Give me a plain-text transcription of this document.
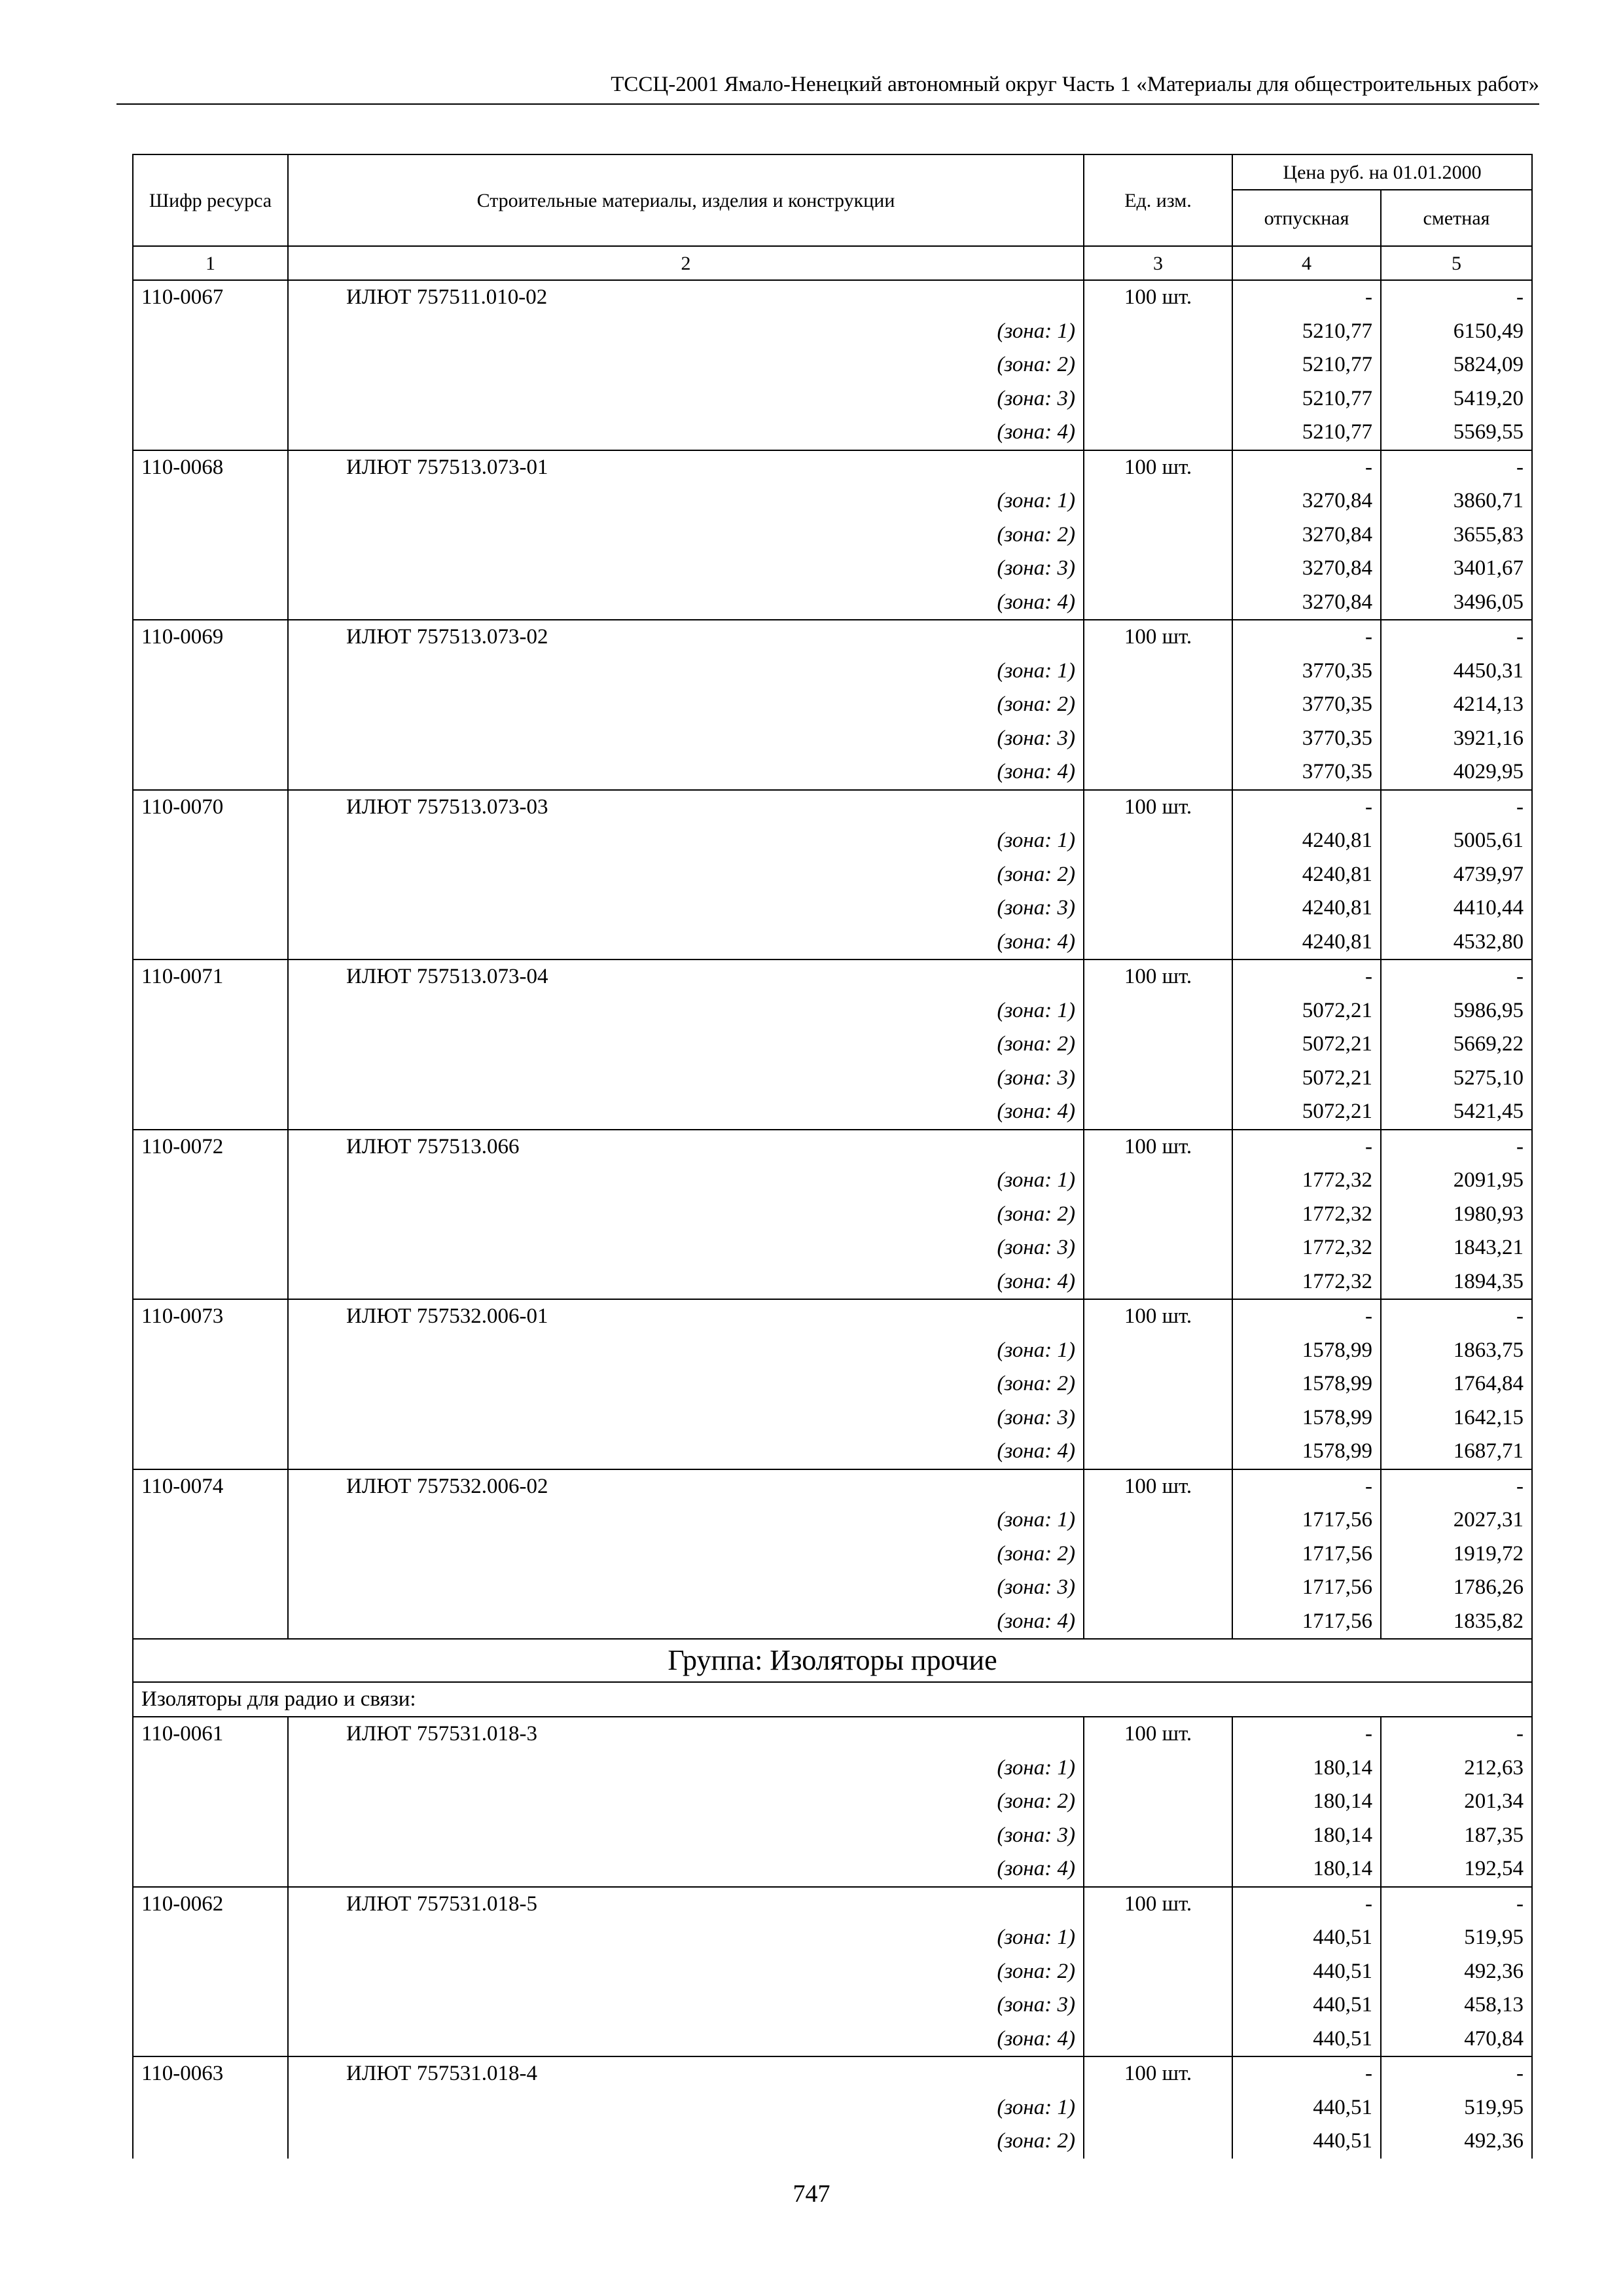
ТССЦ-2001 Ямало-Ненецкий автономный округ Часть 1 «Материалы для общестроительных работ»
Шифр ресурса	Строительные материалы, изделия и конструкции	Ед. изм.	Цена руб. на 01.01.2000	
			отпускная	сметная
1	2	3	4	5
110-0067	ИЛЮТ 757511.010-02	100 шт.	-	-

	(зона: 1)		5210,77	6150,49

	(зона: 2)		5210,77	5824,09

	(зона: 3)		5210,77	5419,20

	(зона: 4)		5210,77	5569,55
110-0068	ИЛЮТ 757513.073-01	100 шт.	-	-

	(зона: 1)		3270,84	3860,71

	(зона: 2)		3270,84	3655,83

	(зона: 3)		3270,84	3401,67

	(зона: 4)		3270,84	3496,05
110-0069	ИЛЮТ 757513.073-02	100 шт.	-	-

	(зона: 1)		3770,35	4450,31

	(зона: 2)		3770,35	4214,13

	(зона: 3)		3770,35	3921,16

	(зона: 4)		3770,35	4029,95
110-0070	ИЛЮТ 757513.073-03	100 шт.	-	-

	(зона: 1)		4240,81	5005,61

	(зона: 2)		4240,81	4739,97

	(зона: 3)		4240,81	4410,44

	(зона: 4)		4240,81	4532,80
110-0071	ИЛЮТ 757513.073-04	100 шт.	-	-

	(зона: 1)		5072,21	5986,95

	(зона: 2)		5072,21	5669,22

	(зона: 3)		5072,21	5275,10

	(зона: 4)		5072,21	5421,45
110-0072	ИЛЮТ 757513.066	100 шт.	-	-

	(зона: 1)		1772,32	2091,95

	(зона: 2)		1772,32	1980,93

	(зона: 3)		1772,32	1843,21

	(зона: 4)		1772,32	1894,35
110-0073	ИЛЮТ 757532.006-01	100 шт.	-	-

	(зона: 1)		1578,99	1863,75

	(зона: 2)		1578,99	1764,84

	(зона: 3)		1578,99	1642,15

	(зона: 4)		1578,99	1687,71
110-0074	ИЛЮТ 757532.006-02	100 шт.	-	-

	(зона: 1)		1717,56	2027,31

	(зона: 2)		1717,56	1919,72

	(зона: 3)		1717,56	1786,26

	(зона: 4)		1717,56	1835,82
Группа: Изоляторы прочие				
Изоляторы для радио и связи:				
110-0061	ИЛЮТ 757531.018-3	100 шт.	-	-

	(зона: 1)		180,14	212,63

	(зона: 2)		180,14	201,34

	(зона: 3)		180,14	187,35

	(зона: 4)		180,14	192,54
110-0062	ИЛЮТ 757531.018-5	100 шт.	-	-

	(зона: 1)		440,51	519,95

	(зона: 2)		440,51	492,36

	(зона: 3)		440,51	458,13

	(зона: 4)		440,51	470,84
110-0063	ИЛЮТ 757531.018-4	100 шт.	-	-

	(зона: 1)		440,51	519,95

	(зона: 2)		440,51	492,36
747
